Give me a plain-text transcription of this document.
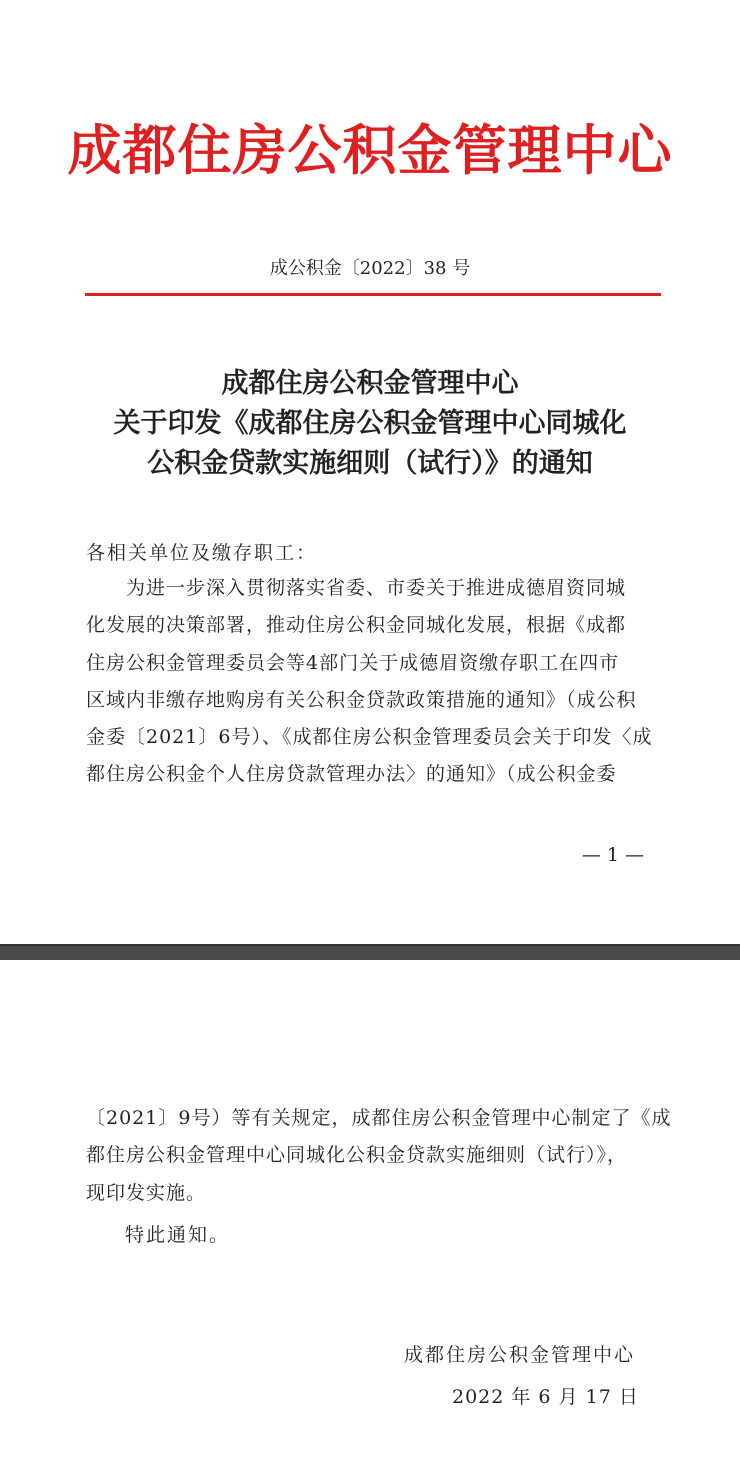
成都住房公积金管理中心
成公积金〔2022〕38 号
成都住房公积金管理中心
关于印发《成都住房公积金管理中心同城化
公积金贷款实施细则（试行）》的通知
各相关单位及缴存职工：
　　为进一步深入贯彻落实省委、市委关于推进成德眉资同城
化发展的决策部署，推动住房公积金同城化发展，根据《成都
住房公积金管理委员会等4部门关于成德眉资缴存职工在四市
区域内非缴存地购房有关公积金贷款政策措施的通知》（成公积
金委〔2021〕6号）、《成都住房公积金管理委员会关于印发〈成
都住房公积金个人住房贷款管理办法〉的通知》（成公积金委
— 1 —
〔2021〕9号）等有关规定，成都住房公积金管理中心制定了《成
都住房公积金管理中心同城化公积金贷款实施细则（试行）》，
现印发实施。
特此通知。
成都住房公积金管理中心
2022 年 6 月 17 日
